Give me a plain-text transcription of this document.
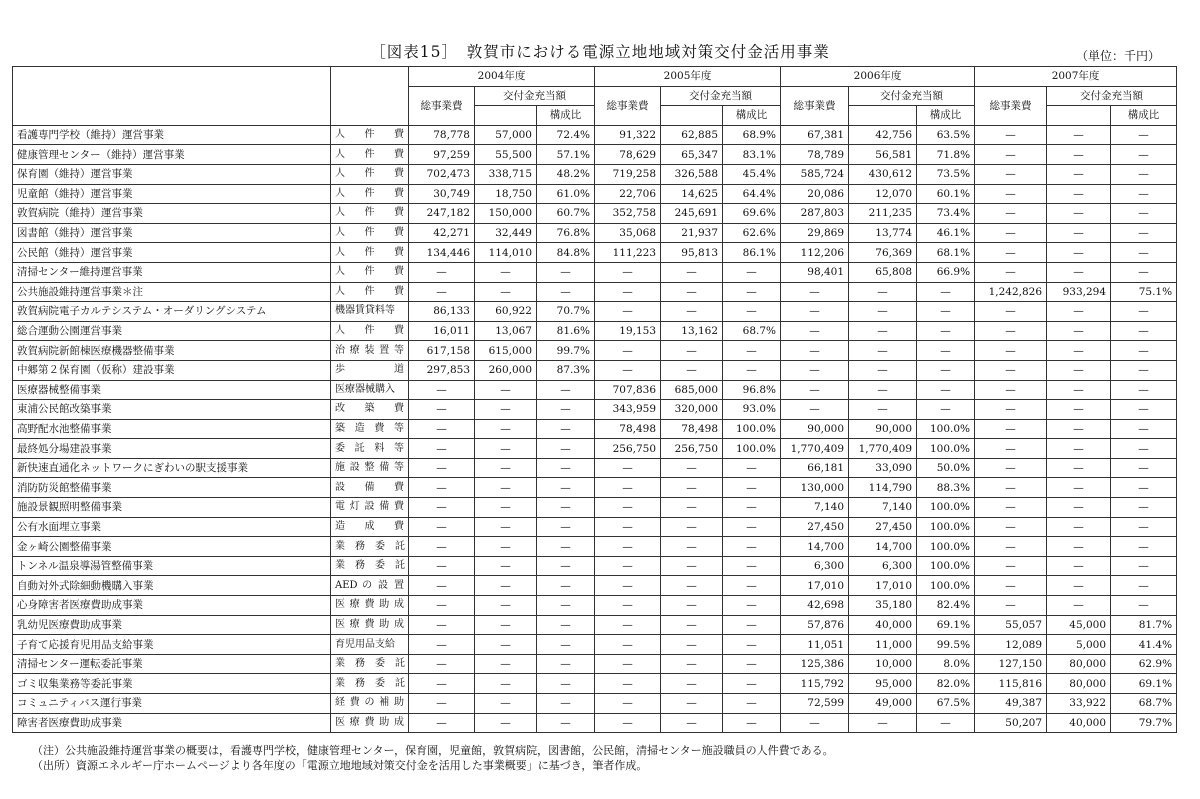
［図表15］　敦賀市における電源立地地域対策交付金活用事業	（単位：千円）
		2004年度			2005年度			2006年度			2007年度		
		総事業費	交付金充当額		総事業費	交付金充当額		総事業費	交付金充当額		総事業費	交付金充当額	
				構成比			構成比			構成比			構成比
看護専門学校（維持）運営事業	人　件　費	78,778	57,000	72.4%	91,322	62,885	68.9%	67,381	42,756	63.5%	—	—	—
健康管理センター（維持）運営事業	人　件　費	97,259	55,500	57.1%	78,629	65,347	83.1%	78,789	56,581	71.8%	—	—	—
保育園（維持）運営事業	人　件　費	702,473	338,715	48.2%	719,258	326,588	45.4%	585,724	430,612	73.5%	—	—	—
児童館（維持）運営事業	人　件　費	30,749	18,750	61.0%	22,706	14,625	64.4%	20,086	12,070	60.1%	—	—	—
敦賀病院（維持）運営事業	人　件　費	247,182	150,000	60.7%	352,758	245,691	69.6%	287,803	211,235	73.4%	—	—	—
図書館（維持）運営事業	人　件　費	42,271	32,449	76.8%	35,068	21,937	62.6%	29,869	13,774	46.1%	—	—	—
公民館（維持）運営事業	人　件　費	134,446	114,010	84.8%	111,223	95,813	86.1%	112,206	76,369	68.1%	—	—	—
清掃センター維持運営事業	人　件　費	—	—	—	—	—	—	98,401	65,808	66.9%	—	—	—
公共施設維持運営事業＊注	人　件　費	—	—	—	—	—	—	—	—	—	1,242,826	933,294	75.1%
敦賀病院電子カルテシステム・オーダリングシステム	機器賃貸料等	86,133	60,922	70.7%	—	—	—	—	—	—	—	—	—
総合運動公園運営事業	人　件　費	16,011	13,067	81.6%	19,153	13,162	68.7%	—	—	—	—	—	—
敦賀病院新館棟医療機器整備事業	治 療 装 置 等	617,158	615,000	99.7%	—	—	—	—	—	—	—	—	—
中郷第２保育園（仮称）建設事業	歩　　　道	297,853	260,000	87.3%	—	—	—	—	—	—	—	—	—
医療器械整備事業	医療器械購入	—	—	—	707,836	685,000	96.8%	—	—	—	—	—	—
東浦公民館改築事業	改　築　費	—	—	—	343,959	320,000	93.0%	—	—	—	—	—	—
高野配水池整備事業	築 造 費 等	—	—	—	78,498	78,498	100.0%	90,000	90,000	100.0%	—	—	—
最終処分場建設事業	委 託 料 等	—	—	—	256,750	256,750	100.0%	1,770,409	1,770,409	100.0%	—	—	—
新快速直通化ネットワークにぎわいの駅支援事業	施 設 整 備 等	—	—	—	—	—	—	66,181	33,090	50.0%	—	—	—
消防防災館整備事業	設　備　費	—	—	—	—	—	—	130,000	114,790	88.3%	—	—	—
施設景観照明整備事業	電 灯 設 備 費	—	—	—	—	—	—	7,140	7,140	100.0%	—	—	—
公有水面埋立事業	造　成　費	—	—	—	—	—	—	27,450	27,450	100.0%	—	—	—
金ヶ崎公園整備事業	業　務　委　託	—	—	—	—	—	—	14,700	14,700	100.0%	—	—	—
トンネル温泉導湯管整備事業	業　務　委　託	—	—	—	—	—	—	6,300	6,300	100.0%	—	—	—
自動対外式除細動機購入事業	AED の 設 置	—	—	—	—	—	—	17,010	17,010	100.0%	—	—	—
心身障害者医療費助成事業	医 療 費 助 成	—	—	—	—	—	—	42,698	35,180	82.4%	—	—	—
乳幼児医療費助成事業	医 療 費 助 成	—	—	—	—	—	—	57,876	40,000	69.1%	55,057	45,000	81.7%
子育て応援育児用品支給事業	育児用品支給	—	—	—	—	—	—	11,051	11,000	99.5%	12,089	5,000	41.4%
清掃センター運転委託事業	業　務　委　託	—	—	—	—	—	—	125,386	10,000	8.0%	127,150	80,000	62.9%
ゴミ収集業務等委託事業	業　務　委　託	—	—	—	—	—	—	115,792	95,000	82.0%	115,816	80,000	69.1%
コミュニティバス運行事業	経 費 の 補 助	—	—	—	—	—	—	72,599	49,000	67.5%	49,387	33,922	68.7%
障害者医療費助成事業	医 療 費 助 成	—	—	—	—	—	—	—	—	—	50,207	40,000	79.7%
（注）公共施設維持運営事業の概要は，看護専門学校，健康管理センター，保育園，児童館，敦賀病院，図書館，公民館，清掃センター施設職員の人件費である。
（出所）資源エネルギー庁ホームページより各年度の「電源立地地域対策交付金を活用した事業概要」に基づき，筆者作成。
